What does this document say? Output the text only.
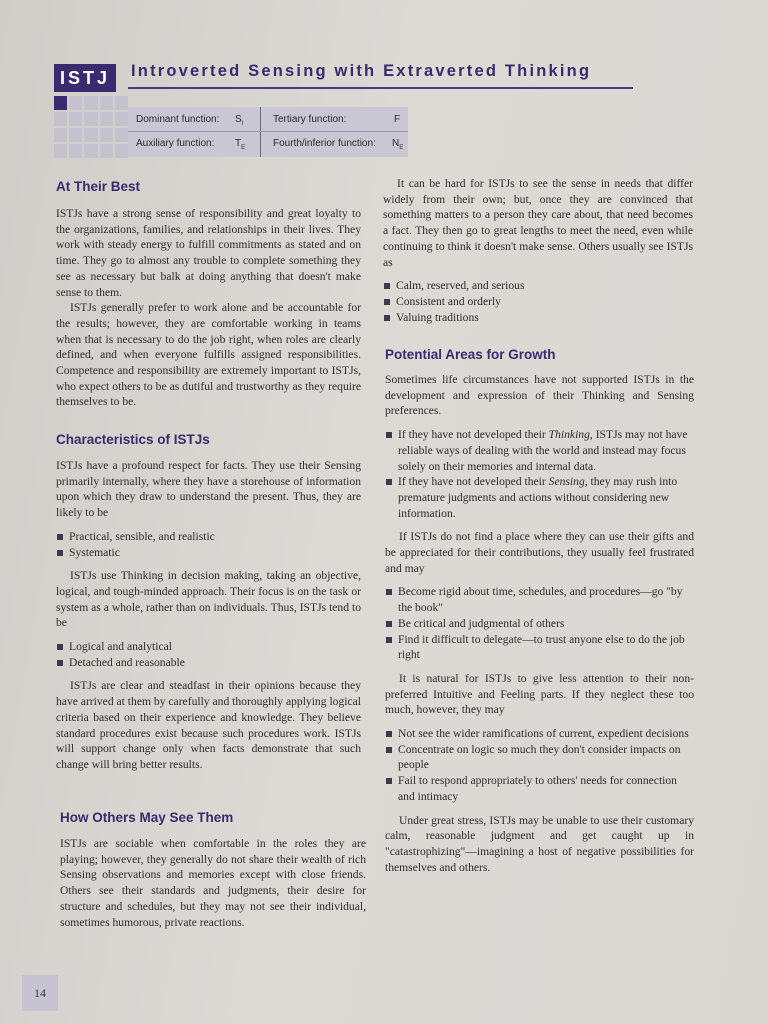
ISTJ	Introverted Sensing with Extraverted Thinking
Dominant function: $S_I$	Tertiary function:	F
Auxiliary function: $T_E$	Fourth/inferior function: $N_E$
At Their Best

ISTJs have a strong sense of responsibility and great loyalty to the organizations, families, and relationships in their lives. They work with steady energy to fulfill commitments as stated and on time. They go to almost any trouble to complete something they see as necessary but balk at doing anything that doesn't make sense to them.

ISTJs generally prefer to work alone and be accountable for the results; however, they are comfortable working in teams when that is necessary to do the job right, when roles are clearly defined, and when everyone fulfills assigned responsibilities. Competence and responsibility are extremely important to ISTJs, who expect others to be as dutiful and trustworthy as they require themselves to be.

Characteristics of ISTJs

ISTJs have a profound respect for facts. They use their Sensing primarily internally, where they have a storehouse of information upon which they draw to understand the present. Thus, they are likely to be

Practical, sensible, and realistic
Systematic

ISTJs use Thinking in decision making, taking an objective, logical, and tough-minded approach. Their focus is on the task or system as a whole, rather than on individuals. Thus, ISTJs tend to be

Logical and analytical
Detached and reasonable

ISTJs are clear and steadfast in their opinions because they have arrived at them by carefully and thoroughly applying logical criteria based on their experience and knowledge. They believe standard procedures exist because such procedures work. ISTJs will support change only when facts demonstrate that such change will bring better results.

How Others May See Them

ISTJs are sociable when comfortable in the roles they are playing; however, they generally do not share their wealth of rich Sensing observations and memories except with close friends. Others see their standards and judgments, their desire for structure and schedules, but they may not see their individual, sometimes humorous, private reactions.

It can be hard for ISTJs to see the sense in needs that differ widely from their own; but, once they are convinced that something matters to a person they care about, that need becomes a fact. They then go to great lengths to meet the need, even while continuing to think it doesn't make sense. Others usually see ISTJs as

Calm, reserved, and serious
Consistent and orderly
Valuing traditions
Potential Areas for Growth

Sometimes life circumstances have not supported ISTJs in the development and expression of their Thinking and Sensing preferences.

If they have not developed their Thinking, ISTJs may not have reliable ways of dealing with the world and instead may focus solely on their memories and internal data.
If they have not developed their Sensing, they may rush into premature judgments and actions without considering new information.

If ISTJs do not find a place where they can use their gifts and be appreciated for their contributions, they usually feel frustrated and may

Become rigid about time, schedules, and procedures—go "by the book"
Be critical and judgmental of others
Find it difficult to delegate—to trust anyone else to do the job right

It is natural for ISTJs to give less attention to their non-preferred Intuitive and Feeling parts. If they neglect these too much, however, they may

Not see the wider ramifications of current, expedient decisions
Concentrate on logic so much they don't consider impacts on people
Fail to respond appropriately to others' needs for connection and intimacy

Under great stress, ISTJs may be unable to use their customary calm, reasonable judgment and get caught up in "catastrophizing"—imagining a host of negative possibilities for themselves and others.

14
